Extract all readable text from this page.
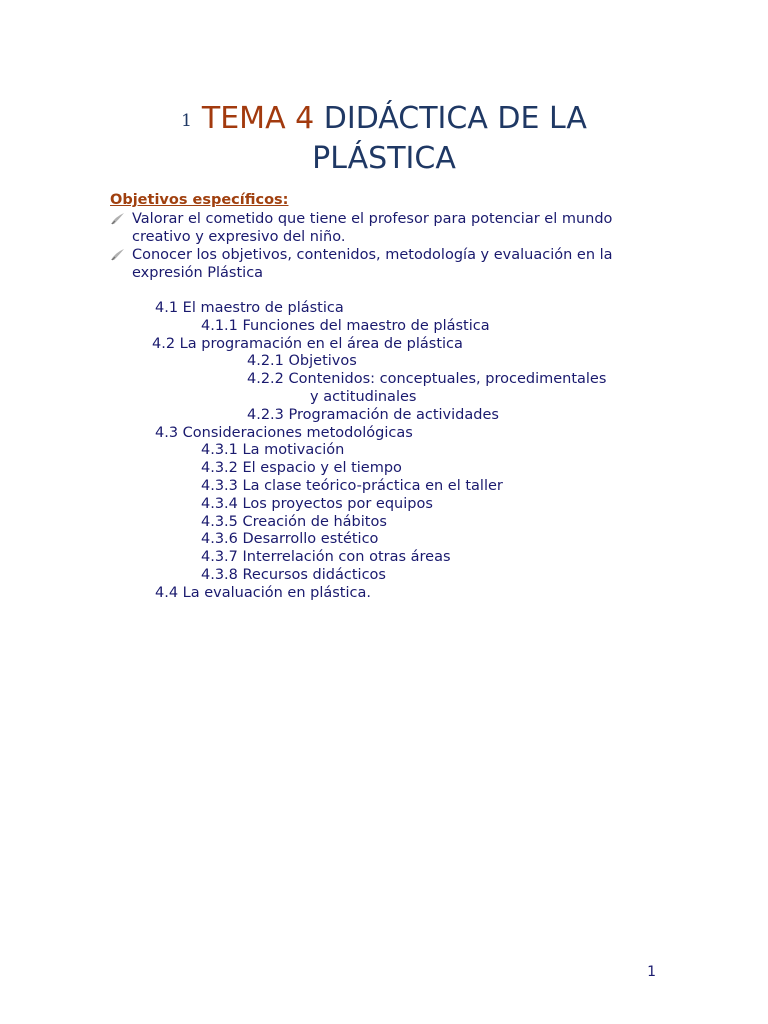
1 TEMA 4 DIDÁCTICA DE LA
PLÁSTICA
Objetivos específicos:
Valorar el cometido que tiene el profesor para potenciar el mundo
creativo y expresivo del niño.
Conocer los objetivos, contenidos, metodología y evaluación en la
expresión Plástica
4.1 El maestro de plástica
4.1.1 Funciones del maestro de plástica
4.2 La programación en el área de plástica
4.2.1 Objetivos
4.2.2 Contenidos: conceptuales, procedimentales
y actitudinales
4.2.3 Programación de actividades
4.3 Consideraciones metodológicas
4.3.1 La motivación
4.3.2 El espacio y el tiempo
4.3.3 La clase teórico-práctica en el taller
4.3.4 Los proyectos por equipos
4.3.5 Creación de hábitos
4.3.6 Desarrollo estético
4.3.7 Interrelación con otras áreas
4.3.8 Recursos didácticos
4.4 La evaluación en plástica.
1
